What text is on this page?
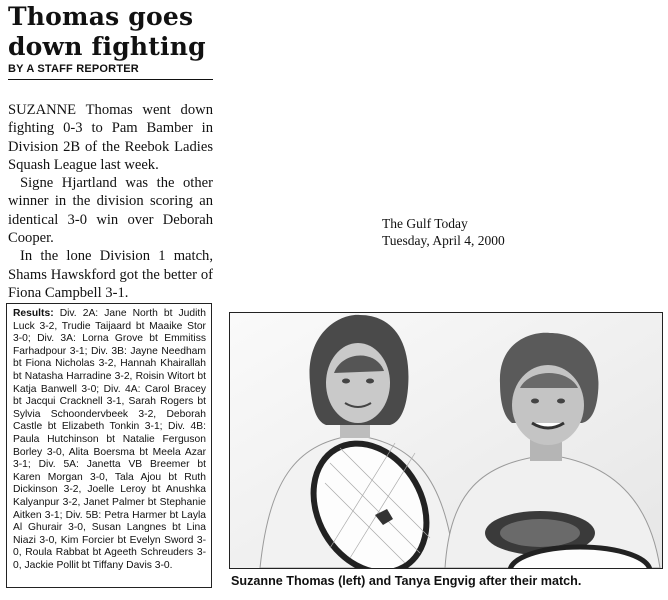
Thomas goes down fighting
BY A STAFF REPORTER

SUZANNE Thomas went down fighting 0-3 to Pam Bamber in Division 2B of the Reebok Ladies Squash League last week.

Signe Hjartland was the other winner in the division scoring an identical 3-0 win over Deborah Cooper.

In the lone Division 1 match, Shams Hawskford got the better of Fiona Campbell 3-1.

Results: Div. 2A: Jane North bt Judith Luck 3-2, Trudie Taijaard bt Maaike Stor 3-0; Div. 3A: Lorna Grove bt Emmitiss Farhadpour 3-1; Div. 3B: Jayne Needham bt Fiona Nicholas 3-2, Hannah Khairallah bt Natasha Harradine 3-2, Roisin Witort bt Katja Banwell 3-0; Div. 4A: Carol Bracey bt Jacqui Cracknell 3-1, Sarah Rogers bt Sylvia Schoondervbeek 3-2, Deborah Castle bt Elizabeth Tonkin 3-1; Div. 4B: Paula Hutchinson bt Natalie Ferguson Borley 3-0, Alita Boersma bt Meela Azar 3-1; Div. 5A: Janetta VB Breemer bt Karen Morgan 3-0, Tala Ajou bt Ruth Dickinson 3-2, Joelle Leroy bt Anushka Kalyanpur 3-2, Janet Palmer bt Stephanie Aitken 3-1; Div. 5B: Petra Harmer bt Layla Al Ghurair 3-0, Susan Langnes bt Lina Niazi 3-0, Kim Forcier bt Evelyn Sword 3-0, Roula Rabbat bt Ageeth Schreuders 3-0, Jackie Pollit bt Tiffany Davis 3-0.
The Gulf Today
Tuesday, April 4, 2000
Suzanne Thomas (left) and Tanya Engvig after their match.
